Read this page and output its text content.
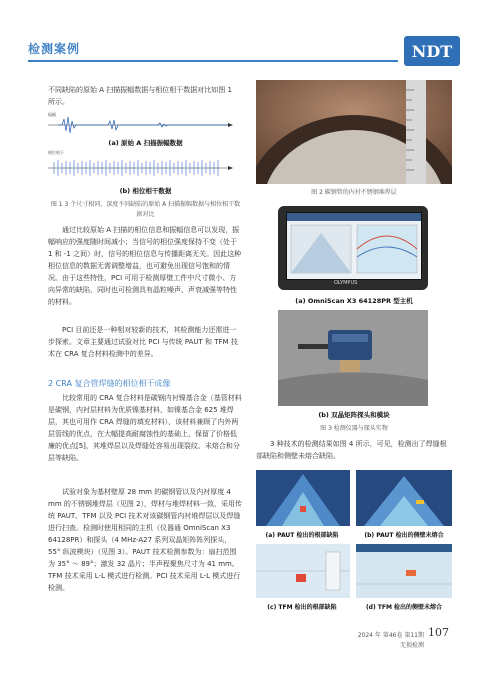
检测案例	NDT
不同缺陷的原始 A 扫描振幅数据与相位相干数据对比如图 1 所示。
振幅
(a) 原始 A 扫描振幅数据
相位相干
(b) 相位相干数据
图 1 3 个尺寸相同、深度不同缺陷的原始 A 扫描振幅数据与相位相干数据对比
通过比较原始 A 扫描的相位信息和振幅信息可以发现，振幅响应的强度随时间减小；当信号的相位强度保持不变（处于 1 和 -1 之间）时，信号的相位信息与传播距离无关。因此这种相位信息的数据无需调整增益，也可避免出现信号饱和的情况。由于这些特性，PCI 可用于检测厚壁工件中尺寸微小、方向异常的缺陷，同时也可检测具有晶粒噪声、声衰减强等特性的材料。
PCI 目前还是一种相对较新的技术，其检测能力还需进一步探索。文章主要通过试验对比 PCI 与传统 PAUT 和 TFM 技术在 CRA 复合材料检测中的差异。
2 CRA 复合管焊缝的相位相干成像
比较常用的 CRA 复合材料是碳钢内衬镍基合金（基管材料是碳钢，内衬层材料为优质镍基材料，如镍基合金 625 堆焊层，其也可用作 CRA 焊缝的填充材料），该材料兼顾了内外两层管线的优点，在大幅提高耐腐蚀性的基础上，保留了价格低廉的优点[5]，其堆焊层以及焊缝处容易出现裂纹、未熔合和分层等缺陷。
试验对象为基材壁厚 28 mm 的碳钢管以及内衬厚度 4 mm 的不锈钢堆焊层（见图 2），焊材与堆焊材料一致，采用传统 PAUT、TFM 以及 PCI 技术对该碳钢管内衬堆焊层以及焊缝进行扫查。检测时使用相同的主机（仪器通 OmniScan X3 64128PR）和探头（4 MHz-A27 系列双晶矩阵阵列探头，55° 纵波楔块）（见图 3）。PAUT 技术检测参数为：扇扫范围为 35° ～ 89°；激发 32 晶片；半声程聚焦尺寸为 41 mm。TFM 技术采用 L-L 模式进行检测。PCI 技术采用 L-L 模式进行检测。
图 2 碳钢管的内衬不锈钢堆焊层
OLYMPUS
(a) OmniScan X3 64128PR 型主机
(b) 双晶矩阵探头和模块
图 3 检测仪器与探头实物
3 种技术的检测结果如图 4 所示，可见，检测出了焊缝根部缺陷和侧壁未熔合缺陷。
(a) PAUT 检出的根部缺陷	(b) PAUT 检出的侧壁未熔合
(c) TFM 检出的根部缺陷	(d) TFM 检出的侧壁未熔合
2024 年 第46卷 第11期
无损检测
107
